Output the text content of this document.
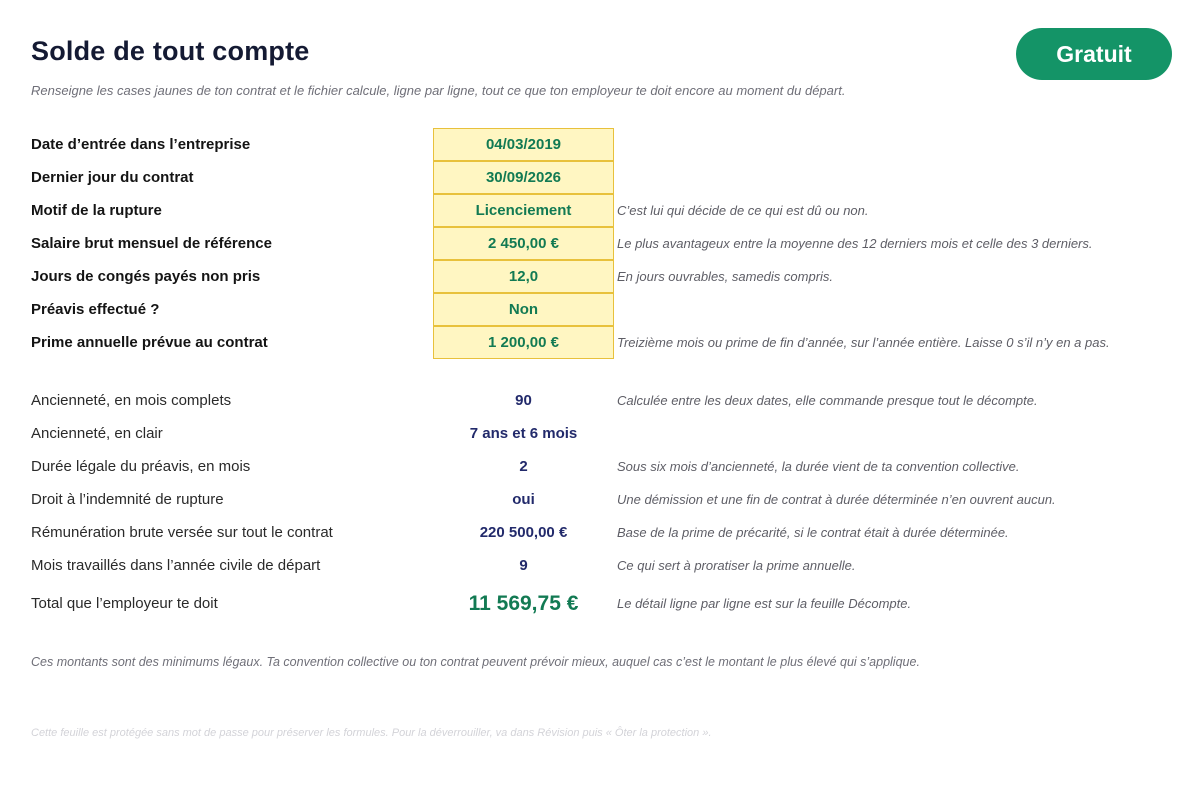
Solde de tout compte	Gratuit
Renseigne les cases jaunes de ton contrat et le fichier calcule, ligne par ligne, tout ce que ton employeur te doit encore au moment du départ.
Date d’entrée dans l’entreprise	04/03/2019
Dernier jour du contrat	30/09/2026
Motif de la rupture	Licenciement	C’est lui qui décide de ce qui est dû ou non.
Salaire brut mensuel de référence	2 450,00 €	Le plus avantageux entre la moyenne des 12 derniers mois et celle des 3 derniers.
Jours de congés payés non pris	12,0	En jours ouvrables, samedis compris.
Préavis effectué ?	Non
Prime annuelle prévue au contrat	1 200,00 €	Treizième mois ou prime de fin d’année, sur l’année entière. Laisse 0 s’il n’y en a pas.
Ancienneté, en mois complets	90	Calculée entre les deux dates, elle commande presque tout le décompte.
Ancienneté, en clair	7 ans et 6 mois
Durée légale du préavis, en mois	2	Sous six mois d’ancienneté, la durée vient de ta convention collective.
Droit à l’indemnité de rupture	oui	Une démission et une fin de contrat à durée déterminée n’en ouvrent aucun.
Rémunération brute versée sur tout le contrat	220 500,00 €	Base de la prime de précarité, si le contrat était à durée déterminée.
Mois travaillés dans l’année civile de départ	9	Ce qui sert à proratiser la prime annuelle.
Total que l’employeur te doit	11 569,75 €	Le détail ligne par ligne est sur la feuille Décompte.
Ces montants sont des minimums légaux. Ta convention collective ou ton contrat peuvent prévoir mieux, auquel cas c’est le montant le plus élevé qui s’applique.
Cette feuille est protégée sans mot de passe pour préserver les formules. Pour la déverrouiller, va dans Révision puis « Ôter la protection ».
